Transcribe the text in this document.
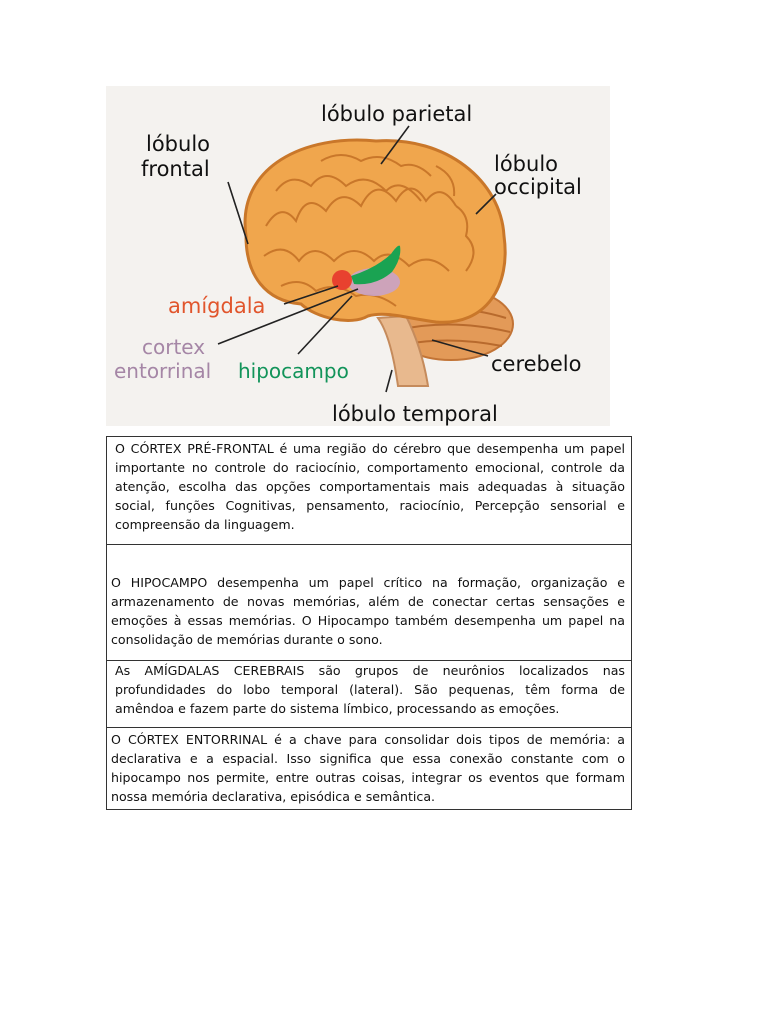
lóbulo parietal
lóbulo
frontal	lóbulo
occipital
amígdala
cortex
entorrinal hipocampo	cerebelo
lóbulo temporal
O CÓRTEX PRÉ-FRONTAL é uma região do cérebro que desempenha um papel importante no controle do raciocínio, comportamento emocional, controle da atenção, escolha das opções comportamentais mais adequadas à situação social, funções Cognitivas, pensamento, raciocínio, Percepção sensorial e compreensão da linguagem.
O HIPOCAMPO desempenha um papel crítico na formação, organização e armazenamento de novas memórias, além de conectar certas sensações e emoções à essas memórias. O Hipocampo também desempenha um papel na consolidação de memórias durante o sono.
As AMÍGDALAS CEREBRAIS são grupos de neurônios localizados nas profundidades do lobo temporal (lateral). São pequenas, têm forma de amêndoa e fazem parte do sistema límbico, processando as emoções.
O CÓRTEX ENTORRINAL é a chave para consolidar dois tipos de memória: a declarativa e a espacial. Isso significa que essa conexão constante com o hipocampo nos permite, entre outras coisas, integrar os eventos que formam nossa memória declarativa, episódica e semântica.
